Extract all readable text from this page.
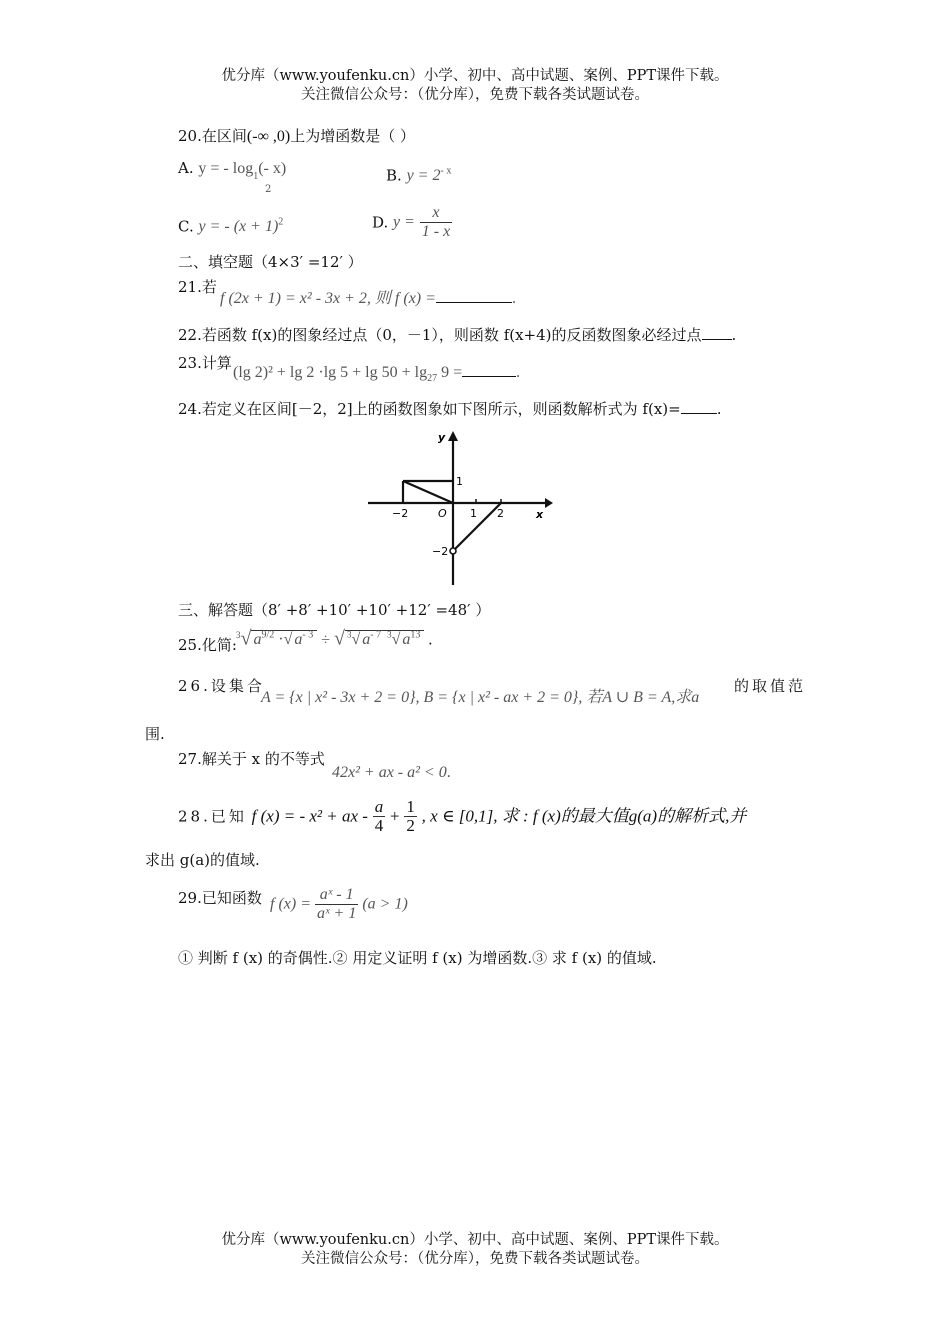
优分库（www.youfenku.cn）小学、初中、高中试题、案例、PPT课件下载。
关注微信公众号：（优分库），免费下载各类试题试卷。
20.在区间(-∞ ,0)上为增函数是（ ）
A. y = - $\log_1(-$ x)
2
B. $y = 2^{- x}$
C. y = - $(x + 1)^2$	D. $y = \frac{x}{1 - x}$
二、填空题（4×3′ =12′ ）
21.若
f (2x + 1) = x² - 3x + 2, 则 f (x) =	.
22.若函数 f(x)的图象经过点（0，－1），则函数 f(x+4)的反函数图象必经过点 .
23.计算
(lg 2)² + lg 2 ·lg $5 + \lg 50 + \lg_{27} 9$ =	.
24.若定义在区间[－2，2]上的函数图象如下图所示，则函数解析式为 f(x)= .
y
x
O
−2	1 2
1
−2
三、解答题（8′ +8′ +10′ +10′ +12′ =48′ ）
25.化简:
$^3$√ $a^{9/2}$ ·√ $a^{- 3}$ ÷ √ $^3$√ $a^{- 7}$ $^3$√ $a^{13}$ .
26.设集合
A = {x | x² - 3x + 2 = 0}, B = {x | x² - ax + 2 = 0}, 若A ∪ B = A,求a
的取值范
围.
27.解关于 x 的不等式
42x² + ax - a² < 0.
28.已知 f (x) = - x² + ax - $\frac{a}{4} + \frac{1}{2}$ , x ∈ [0,1], 求 : f (x)的最大值g(a)的解析式,并
求出 g(a)的值域.
29.已知函数 f $(x) = \frac{\text{aˣ - 1}}{\text{aˣ + 1}} (a > 1)$
① 判断 f (x) 的奇偶性.② 用定义证明 f (x) 为增函数.③ 求 f (x) 的值域.
优分库（www.youfenku.cn）小学、初中、高中试题、案例、PPT课件下载。
关注微信公众号：（优分库），免费下载各类试题试卷。
